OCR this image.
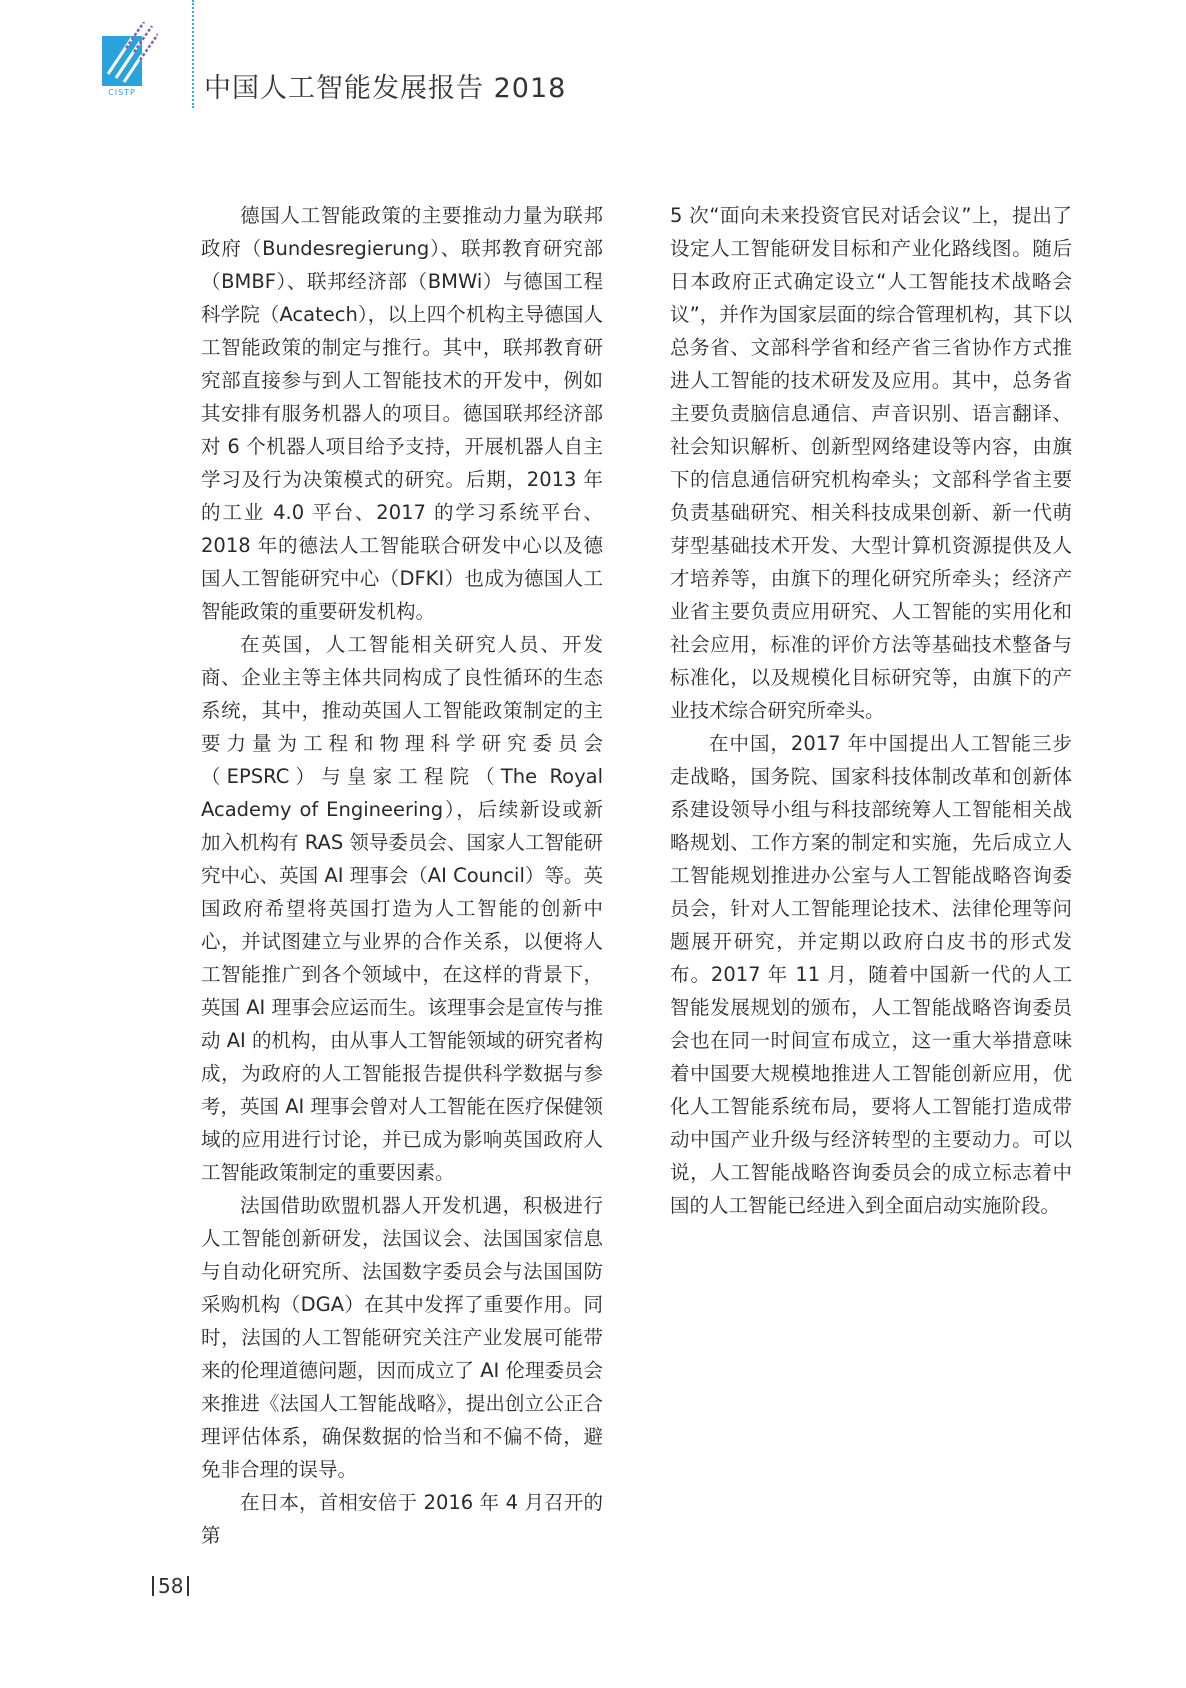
CISTP	中国人工智能发展报告 2018

德国人工智能政策的主要推动力量为联邦政府（Bundesregierung）、联邦教育研究部（BMBF）、联邦经济部（BMWi）与德国工程科学院（Acatech），以上四个机构主导德国人工智能政策的制定与推行。其中，联邦教育研究部直接参与到人工智能技术的开发中，例如其安排有服务机器人的项目。德国联邦经济部对 6 个机器人项目给予支持，开展机器人自主学习及行为决策模式的研究。后期，2013 年的工业 4.0 平台、2017 的学习系统平台、2018 年的德法人工智能联合研发中心以及德国人工智能研究中心（DFKI）也成为德国人工智能政策的重要研发机构。

在英国，人工智能相关研究人员、开发商、企业主等主体共同构成了良性循环的生态系统，其中，推动英国人工智能政策制定的主要力量为工程和物理科学研究委员会（EPSRC）与皇家工程院（The Royal Academy of Engineering），后续新设或新加入机构有 RAS 领导委员会、国家人工智能研究中心、英国 AI 理事会（AI Council）等。英国政府希望将英国打造为人工智能的创新中心，并试图建立与业界的合作关系，以便将人工智能推广到各个领域中，在这样的背景下，英国 AI 理事会应运而生。该理事会是宣传与推动 AI 的机构，由从事人工智能领域的研究者构成，为政府的人工智能报告提供科学数据与参考，英国 AI 理事会曾对人工智能在医疗保健领域的应用进行讨论，并已成为影响英国政府人工智能政策制定的重要因素。

法国借助欧盟机器人开发机遇，积极进行人工智能创新研发，法国议会、法国国家信息与自动化研究所、法国数字委员会与法国国防采购机构（DGA）在其中发挥了重要作用。同时，法国的人工智能研究关注产业发展可能带来的伦理道德问题，因而成立了 AI 伦理委员会来推进《法国人工智能战略》，提出创立公正合理评估体系，确保数据的恰当和不偏不倚，避免非合理的误导。

在日本，首相安倍于 2016 年 4 月召开的第

5 次“面向未来投资官民对话会议”上，提出了设定人工智能研发目标和产业化路线图。随后日本政府正式确定设立“人工智能技术战略会议”，并作为国家层面的综合管理机构，其下以总务省、文部科学省和经产省三省协作方式推进人工智能的技术研发及应用。其中，总务省主要负责脑信息通信、声音识别、语言翻译、社会知识解析、创新型网络建设等内容，由旗下的信息通信研究机构牵头；文部科学省主要负责基础研究、相关科技成果创新、新一代萌芽型基础技术开发、大型计算机资源提供及人才培养等，由旗下的理化研究所牵头；经济产业省主要负责应用研究、人工智能的实用化和社会应用，标准的评价方法等基础技术整备与标准化，以及规模化目标研究等，由旗下的产业技术综合研究所牵头。

在中国，2017 年中国提出人工智能三步走战略，国务院、国家科技体制改革和创新体系建设领导小组与科技部统筹人工智能相关战略规划、工作方案的制定和实施，先后成立人工智能规划推进办公室与人工智能战略咨询委员会，针对人工智能理论技术、法律伦理等问题展开研究，并定期以政府白皮书的形式发布。2017 年 11 月，随着中国新一代的人工智能发展规划的颁布，人工智能战略咨询委员会也在同一时间宣布成立，这一重大举措意味着中国要大规模地推进人工智能创新应用，优化人工智能系统布局，要将人工智能打造成带动中国产业升级与经济转型的主要动力。可以说，人工智能战略咨询委员会的成立标志着中国的人工智能已经进入到全面启动实施阶段。

58
